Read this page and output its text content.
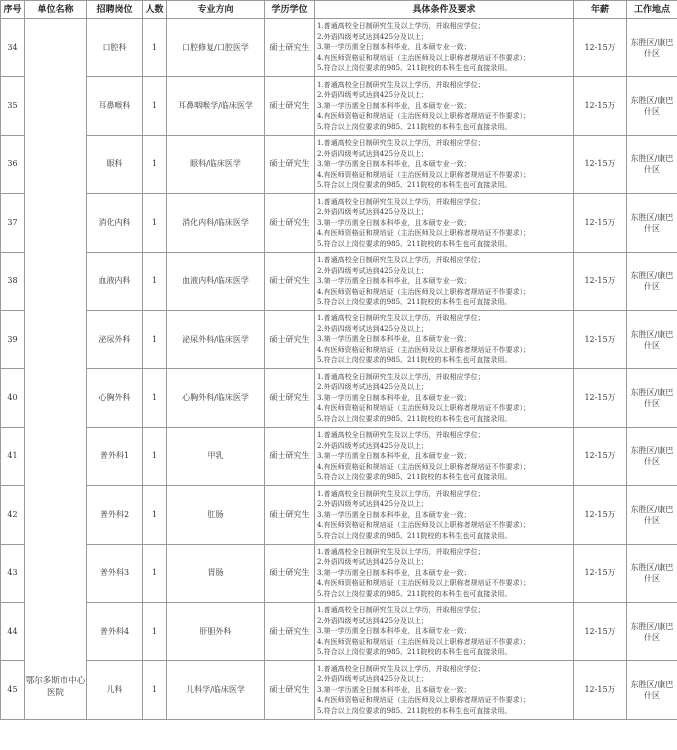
序号	单位名称	招聘岗位	人数	专业方向	学历学位	具体条件及要求	年薪	工作地点
34	鄂尔多斯市中心医院	口腔科	1	口腔修复/口腔医学	硕士研究生	1.普通高校全日制研究生及以上学历，并取相应学位；
2.外语四级考试达到425分及以上；
3.第一学历需全日制本科毕业，且本硕专业一致；
4.有医师资格证和规培证（主治医师及以上职称者规培证不作要求）；
5.符合以上岗位要求的985、211院校的本科生也可直接录用。	12-15万	东胜区/康巴什区
35		耳鼻喉科	1	耳鼻咽喉学/临床医学	硕士研究生	1.普通高校全日制研究生及以上学历，并取相应学位；
2.外语四级考试达到425分及以上；
3.第一学历需全日制本科毕业，且本硕专业一致；
4.有医师资格证和规培证（主治医师及以上职称者规培证不作要求）；
5.符合以上岗位要求的985、211院校的本科生也可直接录用。	12-15万	东胜区/康巴什区
36		眼科	1	眼科/临床医学	硕士研究生	1.普通高校全日制研究生及以上学历，并取相应学位；
2.外语四级考试达到425分及以上；
3.第一学历需全日制本科毕业，且本硕专业一致；
4.有医师资格证和规培证（主治医师及以上职称者规培证不作要求）；
5.符合以上岗位要求的985、211院校的本科生也可直接录用。	12-15万	东胜区/康巴什区
37		消化内科	1	消化内科/临床医学	硕士研究生	1.普通高校全日制研究生及以上学历，并取相应学位；
2.外语四级考试达到425分及以上；
3.第一学历需全日制本科毕业，且本硕专业一致；
4.有医师资格证和规培证（主治医师及以上职称者规培证不作要求）；
5.符合以上岗位要求的985、211院校的本科生也可直接录用。	12-15万	东胜区/康巴什区
38		血液内科	1	血液内科/临床医学	硕士研究生	1.普通高校全日制研究生及以上学历，并取相应学位；
2.外语四级考试达到425分及以上；
3.第一学历需全日制本科毕业，且本硕专业一致；
4.有医师资格证和规培证（主治医师及以上职称者规培证不作要求）；
5.符合以上岗位要求的985、211院校的本科生也可直接录用。	12-15万	东胜区/康巴什区
39		泌尿外科	1	泌尿外科/临床医学	硕士研究生	1.普通高校全日制研究生及以上学历，并取相应学位；
2.外语四级考试达到425分及以上；
3.第一学历需全日制本科毕业，且本硕专业一致；
4.有医师资格证和规培证（主治医师及以上职称者规培证不作要求）；
5.符合以上岗位要求的985、211院校的本科生也可直接录用。	12-15万	东胜区/康巴什区
40		心胸外科	1	心胸外科/临床医学	硕士研究生	1.普通高校全日制研究生及以上学历，并取相应学位；
2.外语四级考试达到425分及以上；
3.第一学历需全日制本科毕业，且本硕专业一致；
4.有医师资格证和规培证（主治医师及以上职称者规培证不作要求）；
5.符合以上岗位要求的985、211院校的本科生也可直接录用。	12-15万	东胜区/康巴什区
41		普外科1	1	甲乳	硕士研究生	1.普通高校全日制研究生及以上学历，并取相应学位；
2.外语四级考试达到425分及以上；
3.第一学历需全日制本科毕业，且本硕专业一致；
4.有医师资格证和规培证（主治医师及以上职称者规培证不作要求）；
5.符合以上岗位要求的985、211院校的本科生也可直接录用。	12-15万	东胜区/康巴什区
42		普外科2	1	肛肠	硕士研究生	1.普通高校全日制研究生及以上学历，并取相应学位；
2.外语四级考试达到425分及以上；
3.第一学历需全日制本科毕业，且本硕专业一致；
4.有医师资格证和规培证（主治医师及以上职称者规培证不作要求）；
5.符合以上岗位要求的985、211院校的本科生也可直接录用。	12-15万	东胜区/康巴什区
43		普外科3	1	胃肠	硕士研究生	1.普通高校全日制研究生及以上学历，并取相应学位；
2.外语四级考试达到425分及以上；
3.第一学历需全日制本科毕业，且本硕专业一致；
4.有医师资格证和规培证（主治医师及以上职称者规培证不作要求）；
5.符合以上岗位要求的985、211院校的本科生也可直接录用。	12-15万	东胜区/康巴什区
44		普外科4	1	肝胆外科	硕士研究生	1.普通高校全日制研究生及以上学历，并取相应学位；
2.外语四级考试达到425分及以上；
3.第一学历需全日制本科毕业，且本硕专业一致；
4.有医师资格证和规培证（主治医师及以上职称者规培证不作要求）；
5.符合以上岗位要求的985、211院校的本科生也可直接录用。	12-15万	东胜区/康巴什区
45		儿科	1	儿科学/临床医学	硕士研究生	1.普通高校全日制研究生及以上学历，并取相应学位；
2.外语四级考试达到425分及以上；
3.第一学历需全日制本科毕业，且本硕专业一致；
4.有医师资格证和规培证（主治医师及以上职称者规培证不作要求）；
5.符合以上岗位要求的985、211院校的本科生也可直接录用。	12-15万	东胜区/康巴什区
